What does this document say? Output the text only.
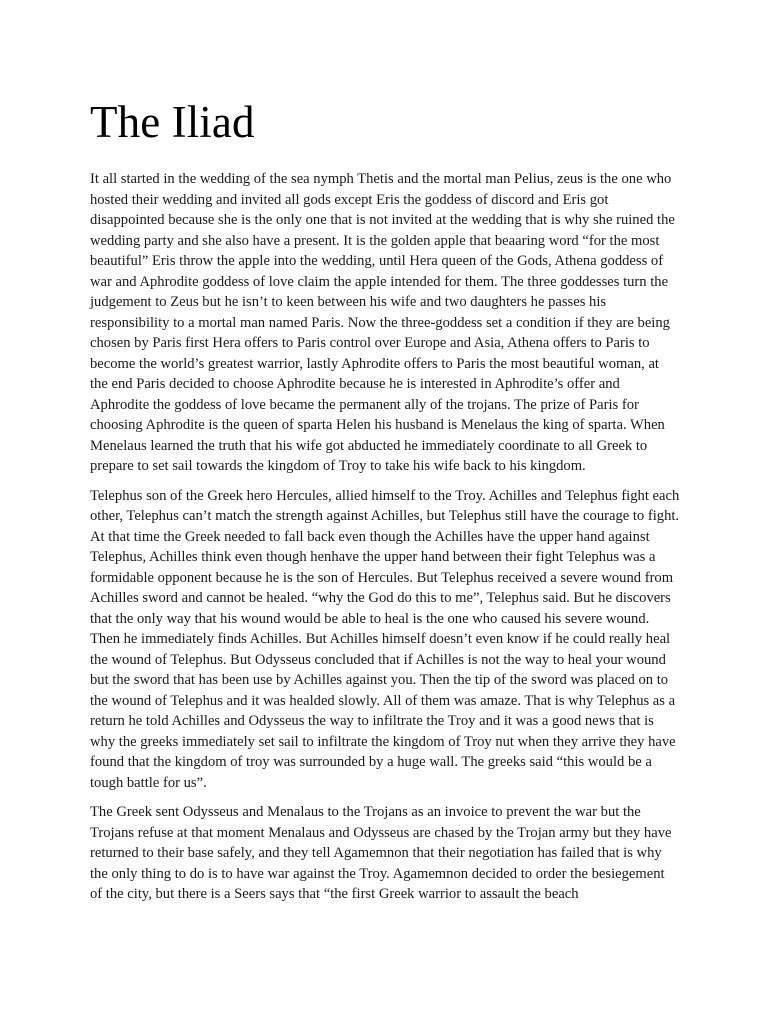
The Iliad

It all started in the wedding of the sea nymph Thetis and the mortal man Pelius, zeus is the one who hosted their wedding and invited all gods except Eris the goddess of discord and Eris got disappointed because she is the only one that is not invited at the wedding that is why she ruined the wedding party and she also have a present. It is the golden apple that beaaring word “for the most beautiful” Eris throw the apple into the wedding, until Hera queen of the Gods, Athena goddess of war and Aphrodite goddess of love claim the apple intended for them. The three goddesses turn the judgement to Zeus but he isn’t to keen between his wife and two daughters he passes his responsibility to a mortal man named Paris. Now the three-goddess set a condition if they are being chosen by Paris first Hera offers to Paris control over Europe and Asia, Athena offers to Paris to become the world’s greatest warrior, lastly Aphrodite offers to Paris the most beautiful woman, at the end Paris decided to choose Aphrodite because he is interested in Aphrodite’s offer and Aphrodite the goddess of love became the permanent ally of the trojans. The prize of Paris for choosing Aphrodite is the queen of sparta Helen his husband is Menelaus the king of sparta. When Menelaus learned the truth that his wife got abducted he immediately coordinate to all Greek to prepare to set sail towards the kingdom of Troy to take his wife back to his kingdom.

Telephus son of the Greek hero Hercules, allied himself to the Troy. Achilles and Telephus fight each other, Telephus can’t match the strength against Achilles, but Telephus still have the courage to fight. At that time the Greek needed to fall back even though the Achilles have the upper hand against Telephus, Achilles think even though henhave the upper hand between their fight Telephus was a formidable opponent because he is the son of Hercules. But Telephus received a severe wound from Achilles sword and cannot be healed. “why the God do this to me”, Telephus said. But he discovers that the only way that his wound would be able to heal is the one who caused his severe wound. Then he immediately finds Achilles. But Achilles himself doesn’t even know if he could really heal the wound of Telephus. But Odysseus concluded that if Achilles is not the way to heal your wound but the sword that has been use by Achilles against you. Then the tip of the sword was placed on to the wound of Telephus and it was healded slowly. All of them was amaze. That is why Telephus as a return he told Achilles and Odysseus the way to infiltrate the Troy and it was a good news that is why the greeks immediately set sail to infiltrate the kingdom of Troy nut when they arrive they have found that the kingdom of troy was surrounded by a huge wall. The greeks said “this would be a tough battle for us”.

The Greek sent Odysseus and Menalaus to the Trojans as an invoice to prevent the war but the Trojans refuse at that moment Menalaus and Odysseus are chased by the Trojan army but they have returned to their base safely, and they tell Agamemnon that their negotiation has failed that is why the only thing to do is to have war against the Troy. Agamemnon decided to order the besiegement of the city, but there is a Seers says that “the first Greek warrior to assault the beach
